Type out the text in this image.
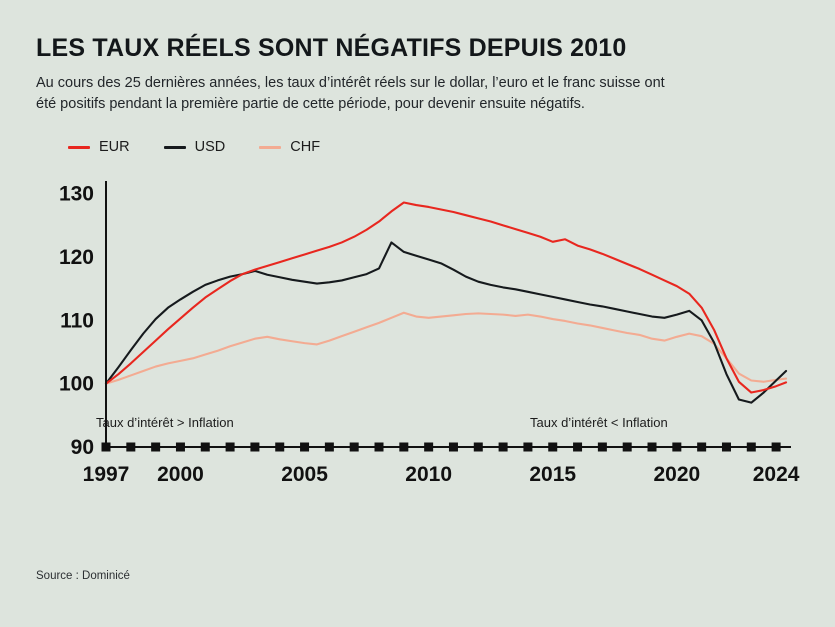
LES TAUX RÉELS SONT NÉGATIFS DEPUIS 2010

Au cours des 25 dernières années, les taux d’intérêt réels sur le dollar, l’euro et le franc suisse ont été positifs pendant la première partie de cette période, pour devenir ensuite négatifs.

EUR	USD	CHF
90
100
110
120
130
1997 2000	2005	2010	2015	2020	2024
Taux d’intérêt > Inflation	Taux d’intérêt < Inflation
Source : Dominicé
